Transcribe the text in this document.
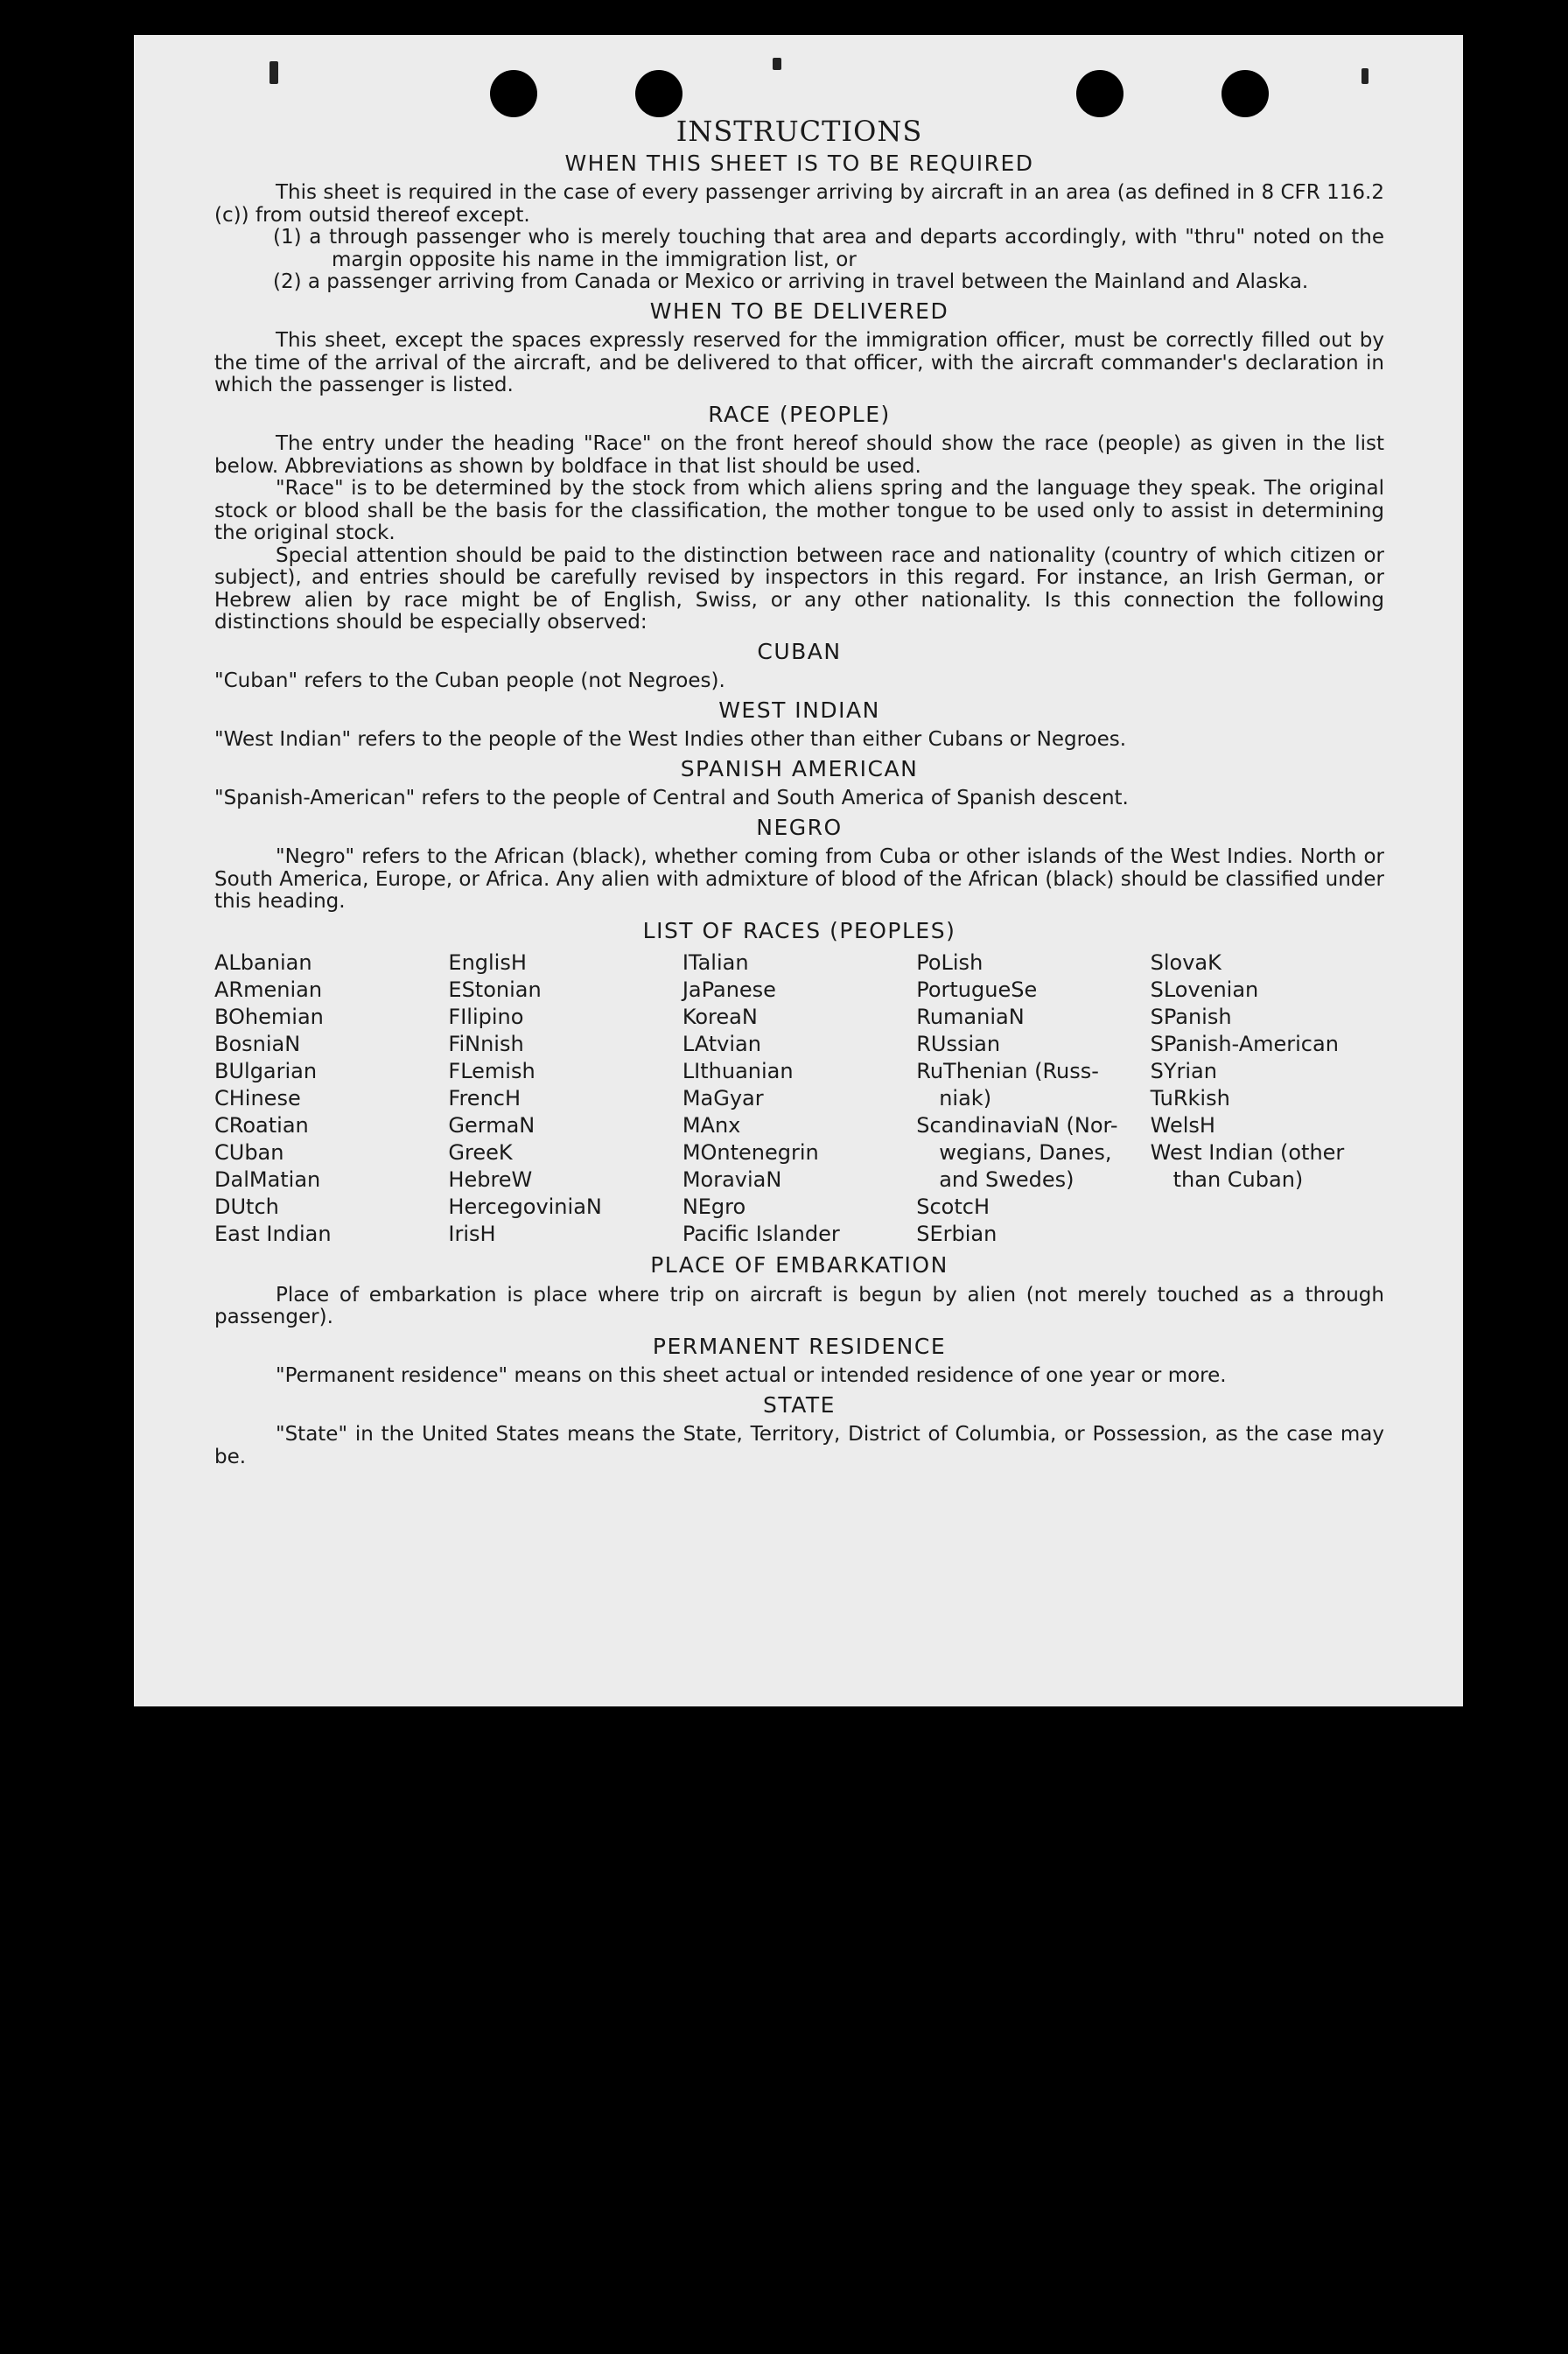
INSTRUCTIONS
WHEN THIS SHEET IS TO BE REQUIRED

This sheet is required in the case of every passenger arriving by aircraft in an area (as defined in 8 CFR 116.2 (c)) from outsid thereof except.

(1) a through passenger who is merely touching that area and departs accordingly, with "thru" noted on the margin opposite his name in the immigration list, or

(2) a passenger arriving from Canada or Mexico or arriving in travel between the Mainland and Alaska.

WHEN TO BE DELIVERED

This sheet, except the spaces expressly reserved for the immigration officer, must be correctly filled out by the time of the arrival of the aircraft, and be delivered to that officer, with the aircraft commander's declaration in which the passenger is listed.

RACE (PEOPLE)

The entry under the heading "Race" on the front hereof should show the race (people) as given in the list below. Abbreviations as shown by boldface in that list should be used.

"Race" is to be determined by the stock from which aliens spring and the language they speak. The original stock or blood shall be the basis for the classification, the mother tongue to be used only to assist in determining the original stock.

Special attention should be paid to the distinction between race and nationality (country of which citizen or subject), and entries should be carefully revised by inspectors in this regard. For instance, an Irish German, or Hebrew alien by race might be of English, Swiss, or any other nationality. Is this connection the following distinctions should be especially observed:

CUBAN

"Cuban" refers to the Cuban people (not Negroes).

WEST INDIAN

"West Indian" refers to the people of the West Indies other than either Cubans or Negroes.

SPANISH AMERICAN

"Spanish-American" refers to the people of Central and South America of Spanish descent.

NEGRO

"Negro" refers to the African (black), whether coming from Cuba or other islands of the West Indies. North or South America, Europe, or Africa. Any alien with admixture of blood of the African (black) should be classified under this heading.

LIST OF RACES (PEOPLES)
ALbanian
ARmenian
BOhemian
BosniaN
BUlgarian
CHinese
CRoatian
CUban
DalMatian
DUtch
East Indian
EnglisH
EStonian
FIlipino
FiNnish
FLemish
FrencH
GermaN
GreeK
HebreW
HercegoviniaN
IrisH
ITalian
JaPanese
KoreaN
LAtvian
LIthuanian
MaGyar
MAnx
MOntenegrin
MoraviaN
NEgro
Pacific Islander
PoLish
PortugueSe
RumaniaN
RUssian
RuThenian (Russ-
niak)
ScandinaviaN (Nor-
wegians, Danes,
and Swedes)
ScotcH
SErbian
SlovaK
SLovenian
SPanish
SPanish-American
SYrian
TuRkish
WelsH
West Indian (other
than Cuban)
PLACE OF EMBARKATION

Place of embarkation is place where trip on aircraft is begun by alien (not merely touched as a through passenger).

PERMANENT RESIDENCE

"Permanent residence" means on this sheet actual or intended residence of one year or more.

STATE

"State" in the United States means the State, Territory, District of Columbia, or Possession, as the case may be.
